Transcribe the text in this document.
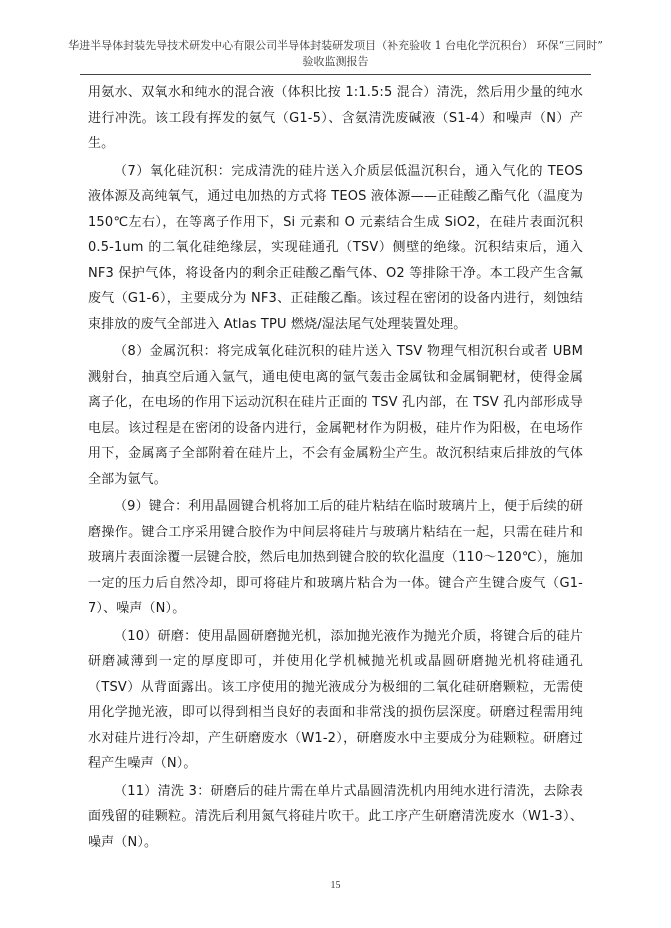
华进半导体封装先导技术研发中心有限公司半导体封装研发项目（补充验收 1 台电化学沉积台） 环保“三同时”
验收监测报告

用氨水、双氧水和纯水的混合液（体积比按 1:1.5:5 混合）清洗，然后用少量的纯水进行冲洗。该工段有挥发的氨气（G1-5）、含氨清洗废碱液（S1-4）和噪声（N）产生。

（7）氧化硅沉积：完成清洗的硅片送入介质层低温沉积台，通入气化的 TEOS 液体源及高纯氧气，通过电加热的方式将 TEOS 液体源——正硅酸乙酯气化（温度为 150℃左右），在等离子作用下，Si 元素和 O 元素结合生成 SiO2，在硅片表面沉积 0.5-1um 的二氧化硅绝缘层，实现硅通孔（TSV）侧壁的绝缘。沉积结束后，通入 NF3 保护气体，将设备内的剩余正硅酸乙酯气体、O2 等排除干净。本工段产生含氟废气（G1-6），主要成分为 NF3、正硅酸乙酯。该过程在密闭的设备内进行，刻蚀结束排放的废气全部进入 Atlas TPU 燃烧/湿法尾气处理装置处理。

（8）金属沉积：将完成氧化硅沉积的硅片送入 TSV 物理气相沉积台或者 UBM 溅射台，抽真空后通入氩气，通电使电离的氩气轰击金属钛和金属铜靶材，使得金属离子化，在电场的作用下运动沉积在硅片正面的 TSV 孔内部，在 TSV 孔内部形成导电层。该过程是在密闭的设备内进行，金属靶材作为阴极，硅片作为阳极，在电场作用下，金属离子全部附着在硅片上，不会有金属粉尘产生。故沉积结束后排放的气体全部为氩气。

（9）键合：利用晶圆键合机将加工后的硅片粘结在临时玻璃片上，便于后续的研磨操作。键合工序采用键合胶作为中间层将硅片与玻璃片粘结在一起，只需在硅片和玻璃片表面涂覆一层键合胶，然后电加热到键合胶的软化温度（110～120℃），施加一定的压力后自然冷却，即可将硅片和玻璃片粘合为一体。键合产生键合废气（G1-7）、噪声（N）。

（10）研磨：使用晶圆研磨抛光机，添加抛光液作为抛光介质，将键合后的硅片研磨减薄到一定的厚度即可，并使用化学机械抛光机或晶圆研磨抛光机将硅通孔（TSV）从背面露出。该工序使用的抛光液成分为极细的二氧化硅研磨颗粒，无需使用化学抛光液，即可以得到相当良好的表面和非常浅的损伤层深度。研磨过程需用纯水对硅片进行冷却，产生研磨废水（W1-2），研磨废水中主要成分为硅颗粒。研磨过程产生噪声（N）。

（11）清洗 3：研磨后的硅片需在单片式晶圆清洗机内用纯水进行清洗，去除表面残留的硅颗粒。清洗后利用氮气将硅片吹干。此工序产生研磨清洗废水（W1-3）、噪声（N）。

15
